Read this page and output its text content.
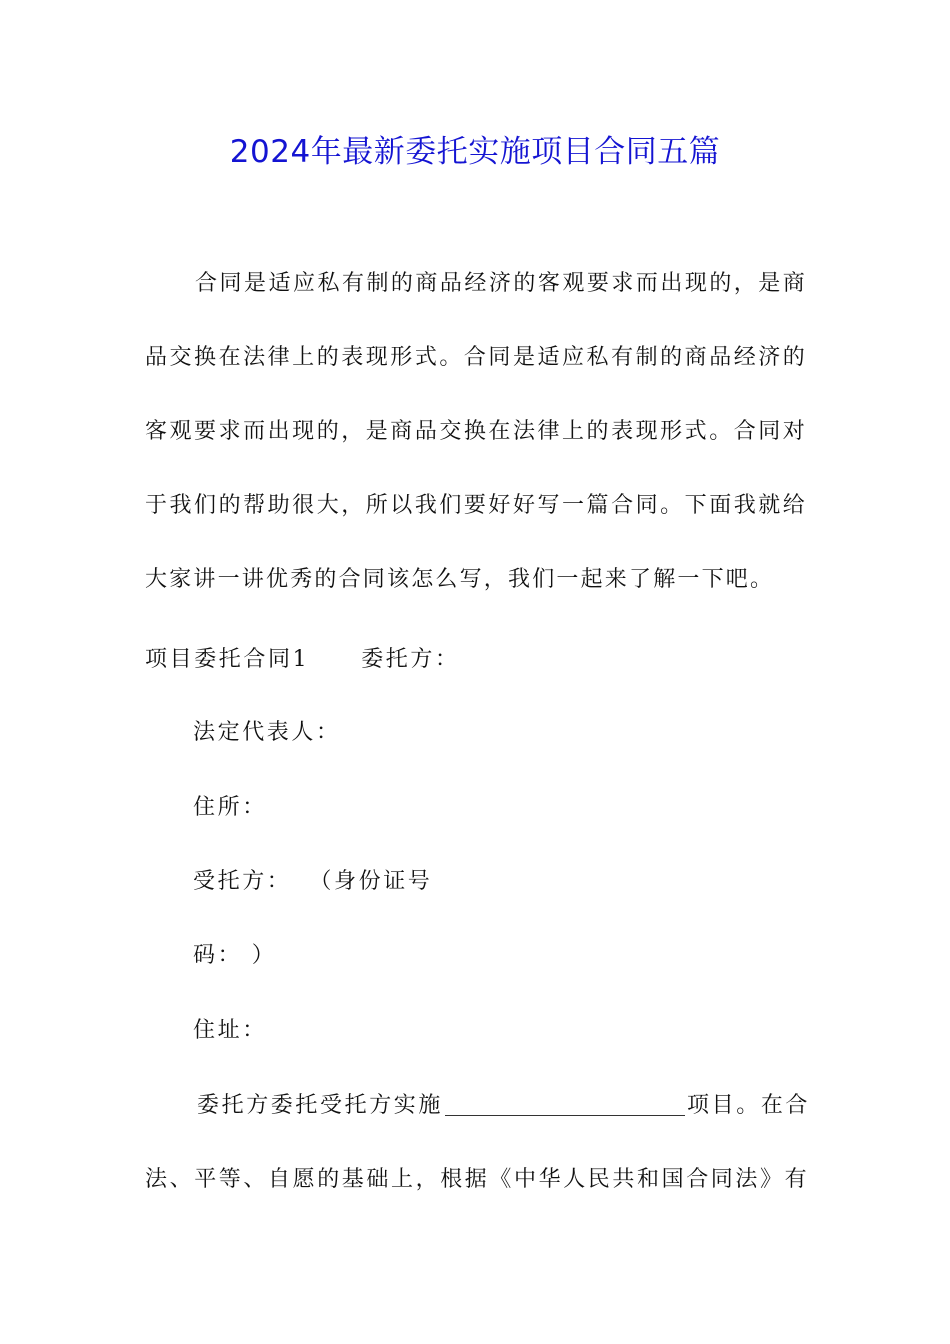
2024年最新委托实施项目合同五篇

合同是适应私有制的商品经济的客观要求而出现的，是商品交换在法律上的表现形式。合同是适应私有制的商品经济的客观要求而出现的，是商品交换在法律上的表现形式。合同对于我们的帮助很大，所以我们要好好写一篇合同。下面我就给大家讲一讲优秀的合同该怎么写，我们一起来了解一下吧。

项目委托合同1 委托方：
法定代表人：
住所：
受托方： （身份证号
码： ）
住址：
委托方委托受托方实施	项目。在合
法、平等、自愿的基础上，根据《中华人民共和国合同法》有
